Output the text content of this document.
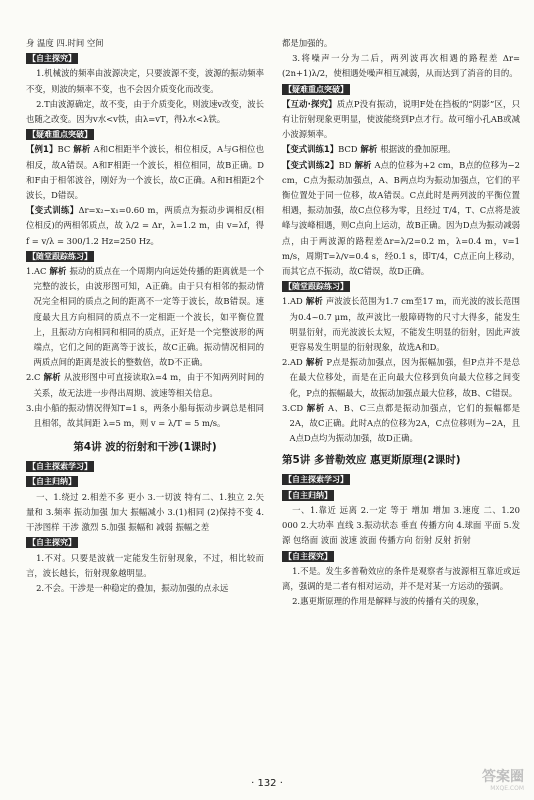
身 温度 四.时间 空间

【自主探究】

1.机械波的频率由波源决定，只要波源不变，波源的振动频率不变，则波的频率不变，也不会因介质变化而改变。

2.T由波源确定，故不变，由于介质变化，则波速v改变，波长也随之改变。因为v水<v铁，由λ=vT，得λ水<λ铁。

【疑难重点突破】

【例1】BC 解析 A和C相距半个波长，相位相反，A与G相位也相反，故A错误。A和F相距一个波长，相位相同，故B正确。D和F由于相邻波谷，刚好为一个波长，故C正确。A和H相距2个波长，D错误。

【变式训练】Δr=x₂−x₁=0.60 m，两质点为振动步调相反(相位相反)的两相邻质点，故 λ/2 = Δr，λ=1.2 m，由 v=λf，得 f = v/λ = 300/1.2 Hz=250 Hz。

【随堂跟踪练习】

1.AC 解析 振动的质点在一个周期内向远处传播的距离就是一个完整的波长，由波形图可知，A正确。由于只有相邻的振动情况完全相同的质点之间的距离不一定等于波长，故B错误。速度最大且方向相同的质点不一定相距一个波长，如平衡位置上，且振动方向相同和相同的质点，正好是一个完整波形的两端点，它们之间的距离等于波长，故C正确。振动情况相同的两质点间的距离是波长的整数倍，故D不正确。

2.C 解析 从波形图中可直接读取λ=4 m，由于不知两列时间的关系，故无法进一步得出周期、波速等相关信息。

3.由小船的振动情况得知T=1 s，两条小船每振动步调总是相同且相邻，故其间距 λ=5 m，则 v = λ/T = 5 m/s。

第4讲 波的衍射和干涉(1课时)
【自主探索学习】
【自主归纳】

一、1.绕过 2.相差不多 更小 3.一切波 特有二、1.独立 2.矢量和 3.频率 振动加强 加大 振幅减小 3.(1)相同 (2)保持不变 4.干涉图样 干涉 激烈 5.加强 振幅和 减弱 振幅之差

【自主探究】

1.不对。只要是波就一定能发生衍射现象，不过，相比较而言，波长越长，衍射现象越明显。

2.不会。干涉是一种稳定的叠加，振动加强的点永远

都是加强的。

3.将噪声一分为二后，两列波再次相遇的路程差 Δr=(2n+1)λ/2，使相遇处噪声相互减弱，从而达到了消音的目的。

【疑难重点突破】

【互动·探究】质点P没有振动，说明F处在挡板的“阴影”区，只有让衍射现象更明显，使波能绕到P点才行。故可缩小孔AB或减小波源频率。

【变式训练1】BCD 解析 根据波的叠加原理。

【变式训练2】BD 解析 A点的位移为+2 cm，B点的位移为−2 cm，C点为振动加强点，A、B两点均为振动加强点，它们的平衡位置处于同一位移，故A错误。C点此时是两列波的平衡位置相遇，振动加强，故C点位移为零，且经过 T/4，T、C点将是波峰与波峰相遇，则C点向上运动，故B正确。因为D点为振动减弱点，由于两波源的路程差Δr=λ/2=0.2 m，λ=0.4 m，v=1 m/s，周期T=λ/v=0.4 s，经0.1 s，即T/4，C点正向上移动，而其它点不振动，故C错误，故D正确。

【随堂跟踪练习】

1.AD 解析 声波波长范围为1.7 cm至17 m，而光波的波长范围为0.4~0.7 μm，故声波比一般障碍物的尺寸大得多，能发生明显衍射，而光波波长太短，不能发生明显的衍射，因此声波更容易发生明显的衍射现象，故选A和D。

2.AD 解析 P点是振动加强点，因为振幅加强，但P点并不是总在最大位移处，而是在正向最大位移到负向最大位移之间变化，P点的振幅最大，故振动加强点最大位移，故B、C错误。

3.CD 解析 A、B、C三点都是振动加强点，它们的振幅都是2A，故C正确。此时A点的位移为2A，C点位移则为−2A，且A点D点均为振动加强，故D正确。

第5讲 多普勒效应 惠更斯原理(2课时)
【自主探索学习】
【自主归纳】

一、1.靠近 远离 2.一定 等于 增加 增加 3.速度 二、1.20 000 2.大功率 直线 3.振动状态 垂直 传播方向 4.球面 平面 5.发源 包络面 波面 波速 波面 传播方向 衍射 反射 折射

【自主探究】

1.不是。发生多普勒效应的条件是观察者与波源相互靠近或远离，强调的是二者有相对运动，并不是对某一方运动的强调。

2.惠更斯原理的作用是解释与波的传播有关的现象，

· 132 ·	答案圈
MXQE.COM
